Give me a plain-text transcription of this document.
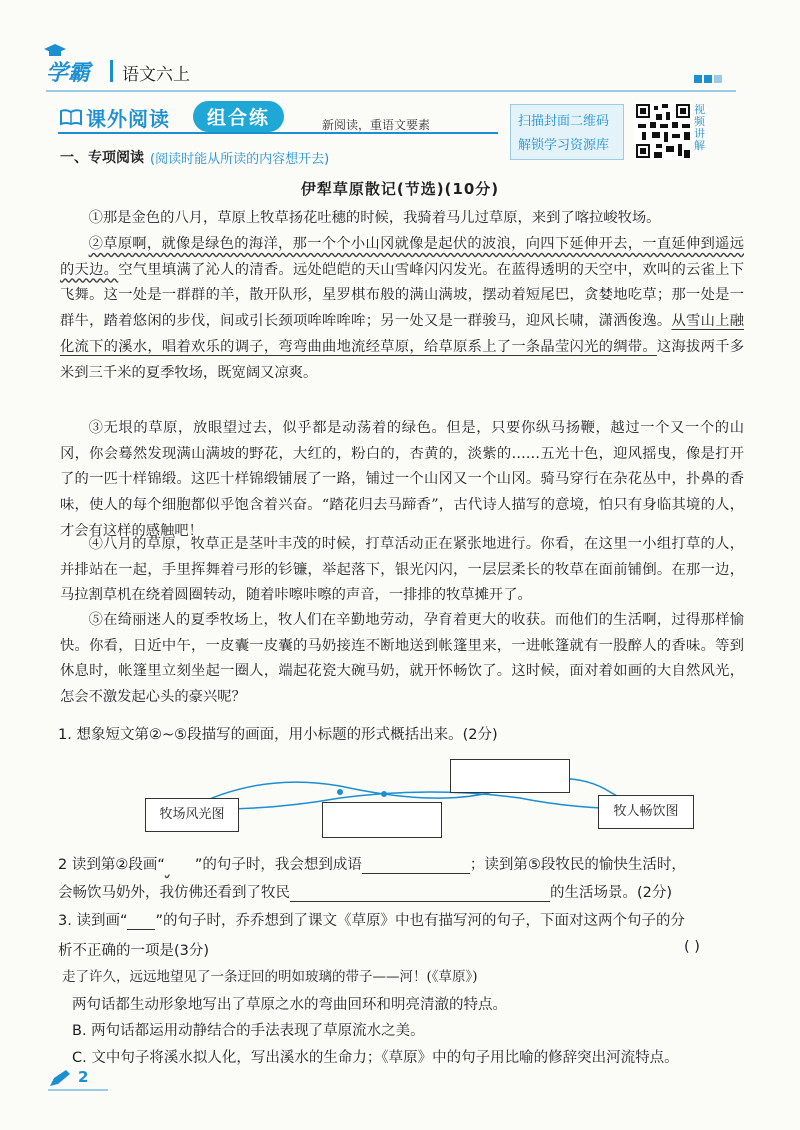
学霸 语文六上
课外阅读	组合练	新阅读，重语文要素	扫描封面二维码
解锁学习资源库
视频讲解
一、专项阅读 (阅读时能从所读的内容想开去)
伊犁草原散记(节选)(10分)
①那是金色的八月，草原上牧草扬花吐穗的时候，我骑着马儿过草原，来到了喀拉峻牧场。
②草原啊，就像是绿色的海洋，那一个个小山冈就像是起伏的波浪，向四下延伸开去，一直延伸到遥远的天边。空气里填满了沁人的清香。远处皑皑的天山雪峰闪闪发光。在蓝得透明的天空中，欢叫的云雀上下飞舞。这一处是一群群的羊，散开队形，星罗棋布般的满山满坡，摆动着短尾巴，贪婪地吃草；那一处是一群牛，踏着悠闲的步伐，间或引长颈项哞哞哞哞；另一处又是一群骏马，迎风长啸，潇洒俊逸。从雪山上融化流下的溪水，唱着欢乐的调子，弯弯曲曲地流经草原，给草原系上了一条晶莹闪光的绸带。这海拔两千多米到三千米的夏季牧场，既宽阔又凉爽。
③无垠的草原，放眼望过去，似乎都是动荡着的绿色。但是，只要你纵马扬鞭，越过一个又一个的山冈，你会蓦然发现满山满坡的野花，大红的，粉白的，杏黄的，淡紫的……五光十色，迎风摇曳，像是打开了的一匹十样锦缎。这匹十样锦缎铺展了一路，铺过一个山冈又一个山冈。骑马穿行在杂花丛中，扑鼻的香味，使人的每个细胞都似乎饱含着兴奋。“踏花归去马蹄香”，古代诗人描写的意境，怕只有身临其境的人，才会有这样的感触吧！
④八月的草原，牧草正是茎叶丰茂的时候，打草活动正在紧张地进行。你看，在这里一小组打草的人，并排站在一起，手里挥舞着弓形的钐镰，举起落下，银光闪闪，一层层柔长的牧草在面前铺倒。在那一边，马拉割草机在绕着圆圈转动，随着咔嚓咔嚓的声音，一排排的牧草摊开了。
⑤在绮丽迷人的夏季牧场上，牧人们在辛勤地劳动，孕育着更大的收获。而他们的生活啊，过得那样愉快。你看，日近中午，一皮囊一皮囊的马奶接连不断地送到帐篷里来，一进帐篷就有一股醉人的香味。等到休息时，帐篷里立刻坐起一圈人，端起花瓷大碗马奶，就开怀畅饮了。这时候，面对着如画的大自然风光，怎会不激发起心头的豪兴呢？
1. 想象短文第②~⑤段描写的画面，用小标题的形式概括出来。(2分)
牧场风光图	牧人畅饮图
2 读到第②段画“ ”的句子时，我会想到成语	；读到第⑤段牧民的愉快生活时，
会畅饮马奶外，我仿佛还看到了牧民	的生活场景。(2分)
3. 读到画“ ”的句子时，乔乔想到了课文《草原》中也有描写河的句子，下面对这两个句子的分
析不正确的一项是(3分)	( )
走了许久，远远地望见了一条迂回的明如玻璃的带子——河！(《草原》)
两句话都生动形象地写出了草原之水的弯曲回环和明亮清澈的特点。
B. 两句话都运用动静结合的手法表现了草原流水之美。
C. 文中句子将溪水拟人化，写出溪水的生命力；《草原》中的句子用比喻的修辞突出河流特点。
2
